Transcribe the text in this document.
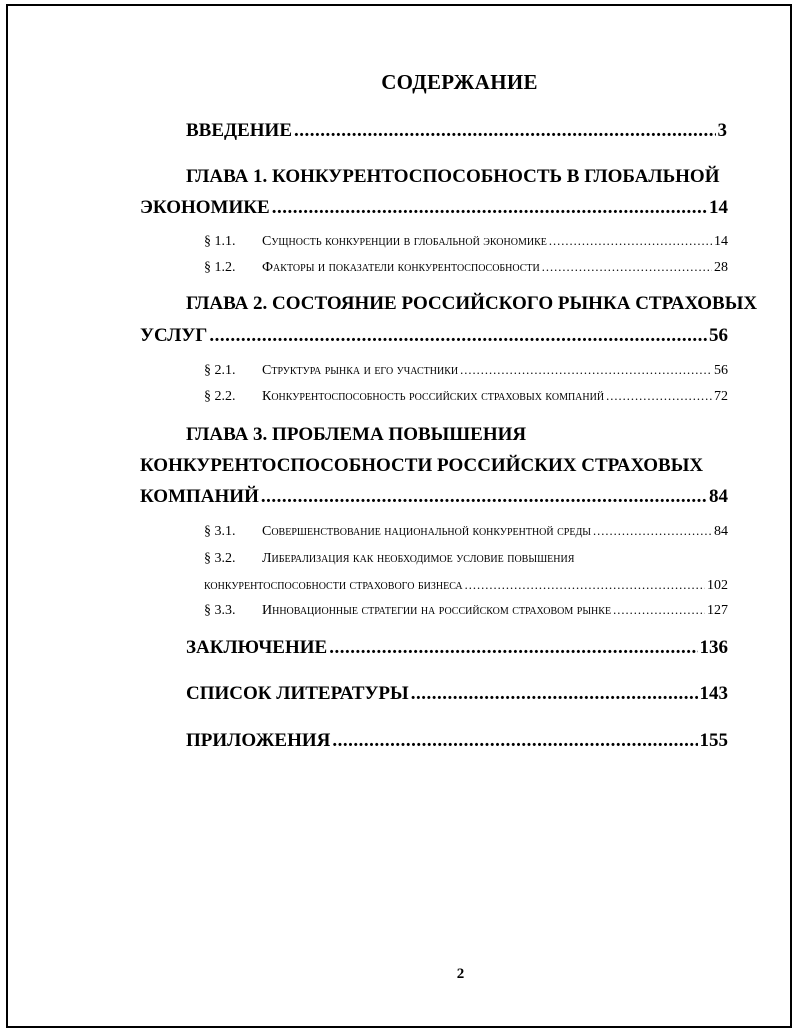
СОДЕРЖАНИЕ
ВВЕДЕНИЕ .....	3
ГЛАВА 1. КОНКУРЕНТОСПОСОБНОСТЬ В ГЛОБАЛЬНОЙ
ЭКОНОМИКЕ .....	14
§ 1.1.	Сущность конкуренции в глобальной экономике .....	14
§ 1.2.	Факторы и показатели конкурентоспособности .....	28
ГЛАВА 2. СОСТОЯНИЕ РОССИЙСКОГО РЫНКА СТРАХОВЫХ
УСЛУГ .....	56
§ 2.1.	Структура рынка и его участники .....	56
§ 2.2.	Конкурентоспособность российских страховых компаний .....	72
ГЛАВА 3. ПРОБЛЕМА ПОВЫШЕНИЯ
КОНКУРЕНТОСПОСОБНОСТИ РОССИЙСКИХ СТРАХОВЫХ
КОМПАНИЙ .....	84
§ 3.1.	Совершенствование национальной конкурентной среды .....	84
§ 3.2.	Либерализация как необходимое условие повышения
конкурентоспособности страхового бизнеса .....	102
§ 3.3.	Инновационные стратегии на российском страховом рынке .....	127
ЗАКЛЮЧЕНИЕ .....	136
СПИСОК ЛИТЕРАТУРЫ .....	143
ПРИЛОЖЕНИЯ .....	155
2
